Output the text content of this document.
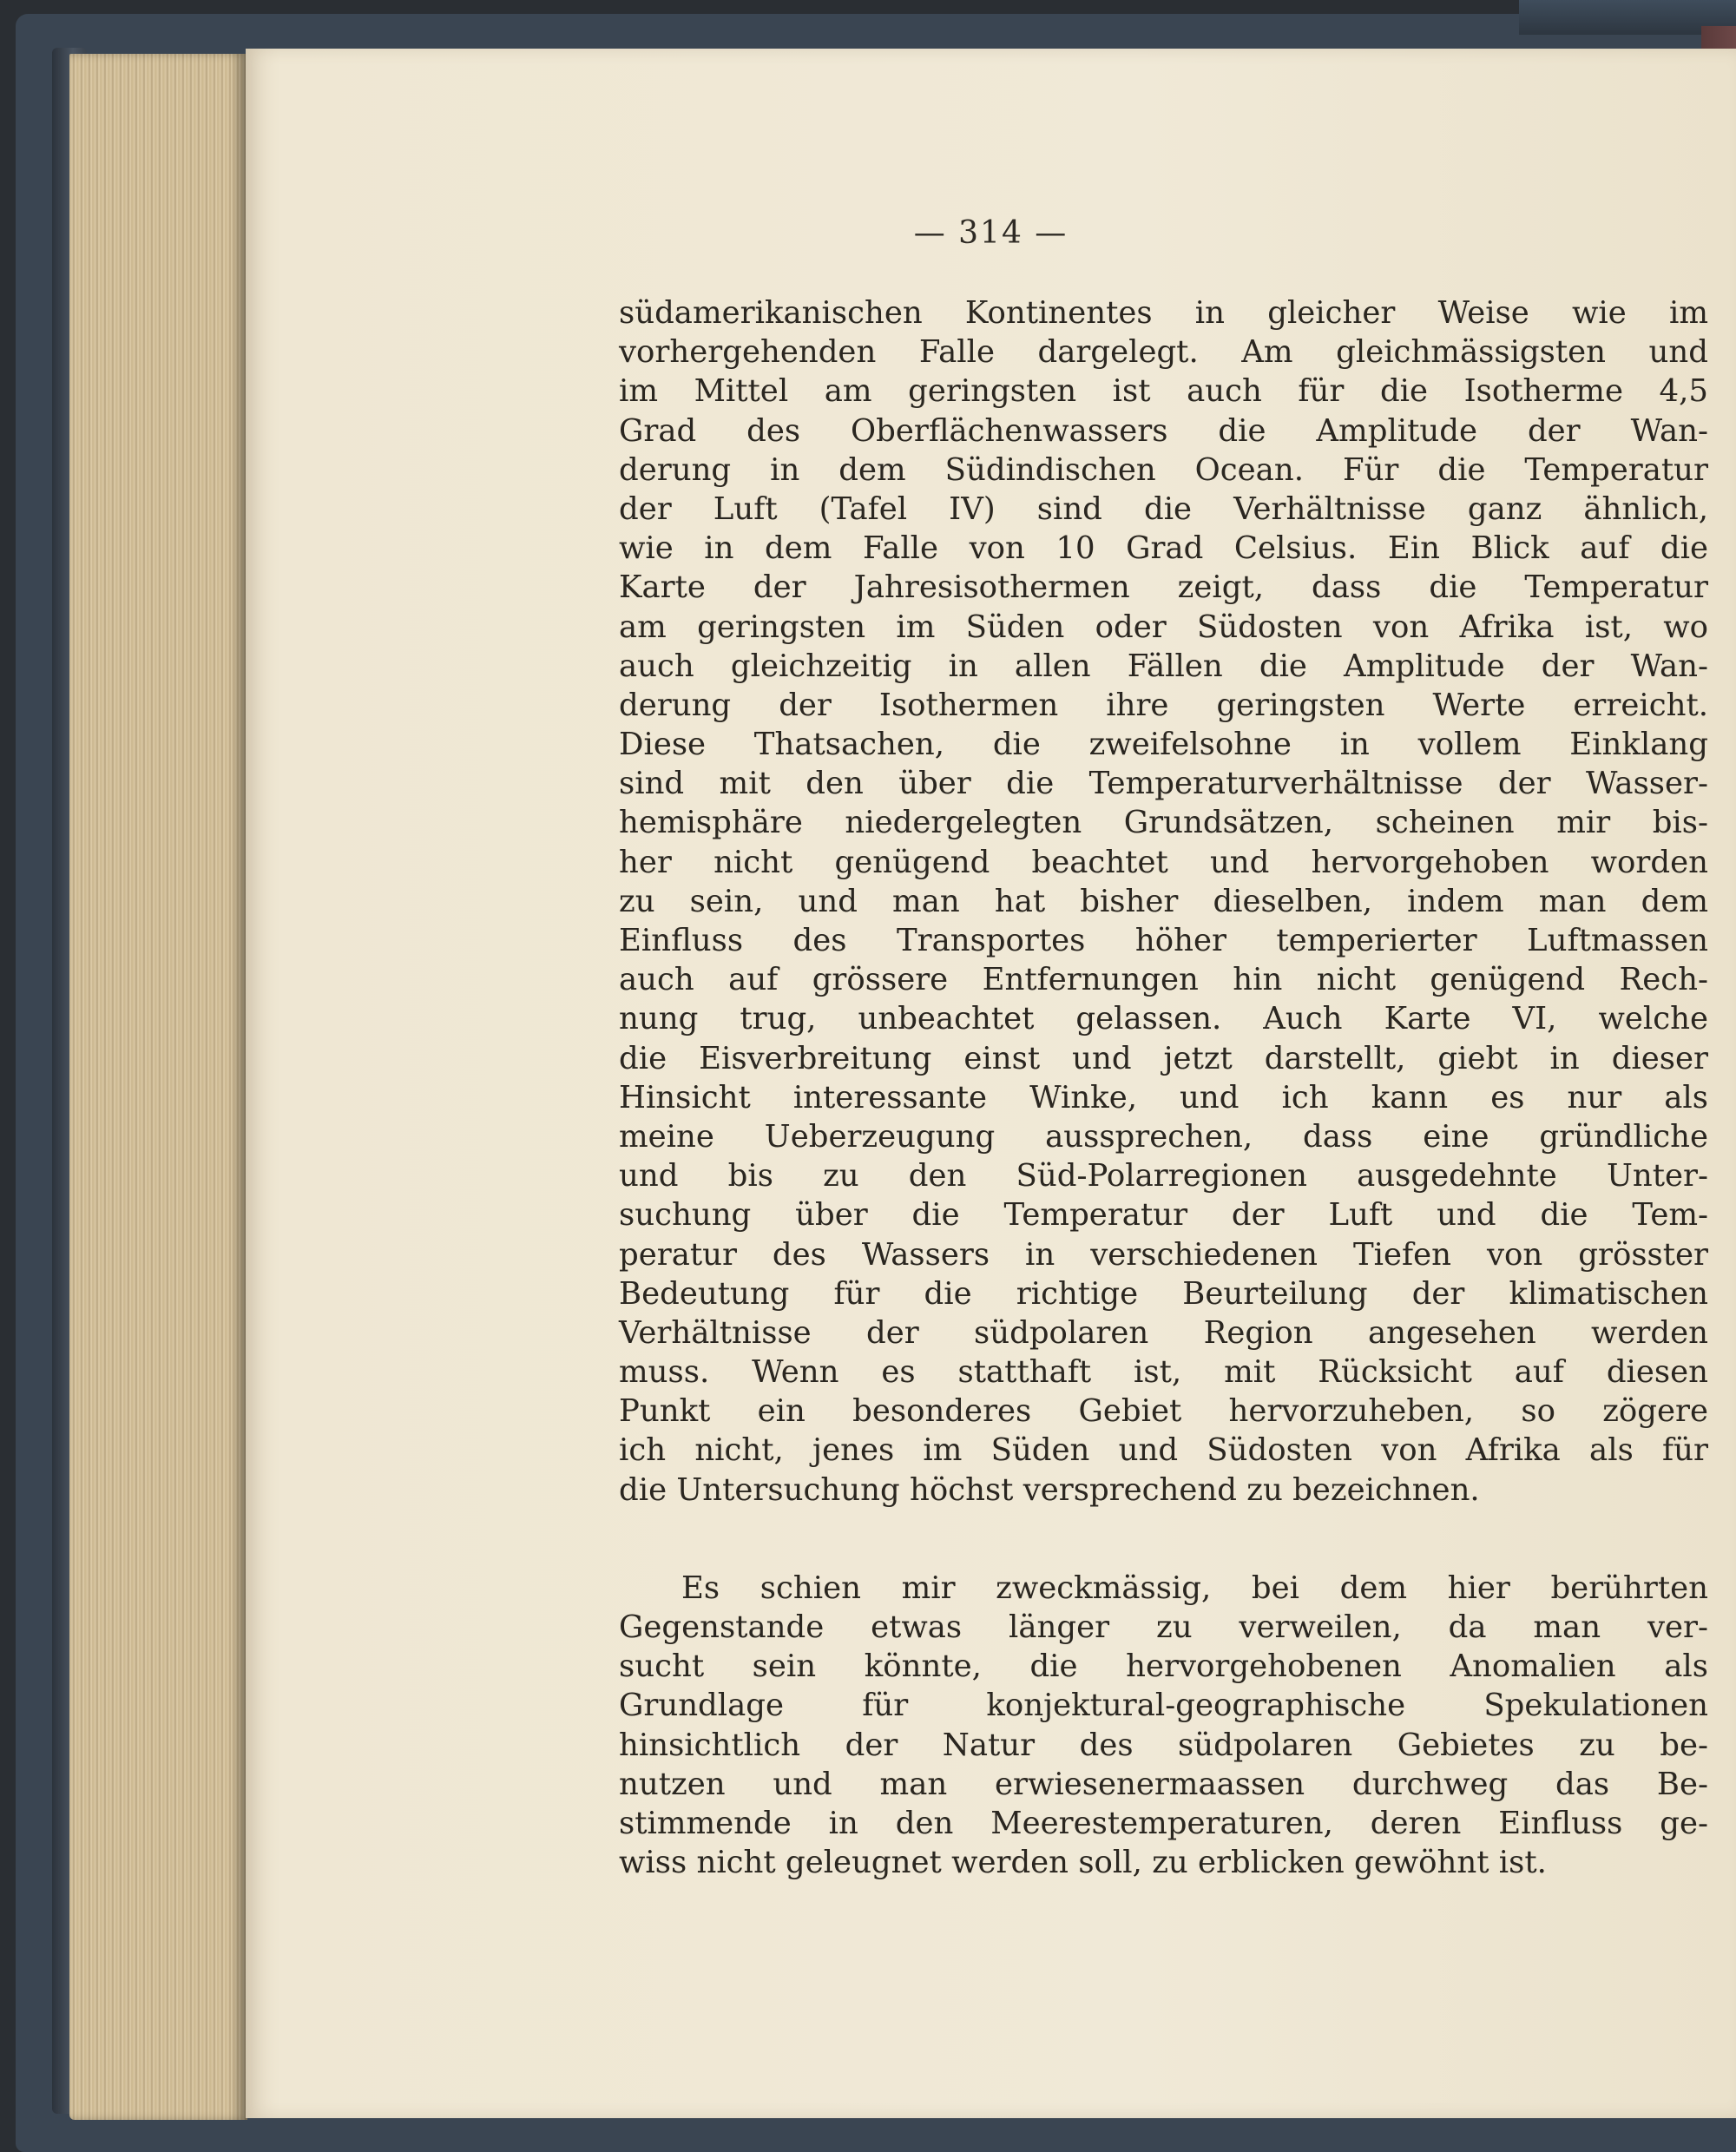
— 314 —
südamerikanischen Kontinentes in gleicher Weise wie im
vorhergehenden Falle dargelegt. Am gleichmässigsten und
im Mittel am geringsten ist auch für die Isotherme 4,5
Grad des Oberflächenwassers die Amplitude der Wan-
derung in dem Südindischen Ocean. Für die Temperatur
der Luft (Tafel IV) sind die Verhältnisse ganz ähnlich,
wie in dem Falle von 10 Grad Celsius. Ein Blick auf die
Karte der Jahresisothermen zeigt, dass die Temperatur
am geringsten im Süden oder Südosten von Afrika ist, wo
auch gleichzeitig in allen Fällen die Amplitude der Wan-
derung der Isothermen ihre geringsten Werte erreicht.
Diese Thatsachen, die zweifelsohne in vollem Einklang
sind mit den über die Temperaturverhältnisse der Wasser-
hemisphäre niedergelegten Grundsätzen, scheinen mir bis-
her nicht genügend beachtet und hervorgehoben worden
zu sein, und man hat bisher dieselben, indem man dem
Einfluss des Transportes höher temperierter Luftmassen
auch auf grössere Entfernungen hin nicht genügend Rech-
nung trug, unbeachtet gelassen. Auch Karte VI, welche
die Eisverbreitung einst und jetzt darstellt, giebt in dieser
Hinsicht interessante Winke, und ich kann es nur als
meine Ueberzeugung aussprechen, dass eine gründliche
und bis zu den Süd-Polarregionen ausgedehnte Unter-
suchung über die Temperatur der Luft und die Tem-
peratur des Wassers in verschiedenen Tiefen von grösster
Bedeutung für die richtige Beurteilung der klimatischen
Verhältnisse der südpolaren Region angesehen werden
muss. Wenn es statthaft ist, mit Rücksicht auf diesen
Punkt ein besonderes Gebiet hervorzuheben, so zögere
ich nicht, jenes im Süden und Südosten von Afrika als für
die Untersuchung höchst versprechend zu bezeichnen.
Es schien mir zweckmässig, bei dem hier berührten
Gegenstande etwas länger zu verweilen, da man ver-
sucht sein könnte, die hervorgehobenen Anomalien als
Grundlage für konjektural-geographische Spekulationen
hinsichtlich der Natur des südpolaren Gebietes zu be-
nutzen und man erwiesenermaassen durchweg das Be-
stimmende in den Meerestemperaturen, deren Einfluss ge-
wiss nicht geleugnet werden soll, zu erblicken gewöhnt ist.
